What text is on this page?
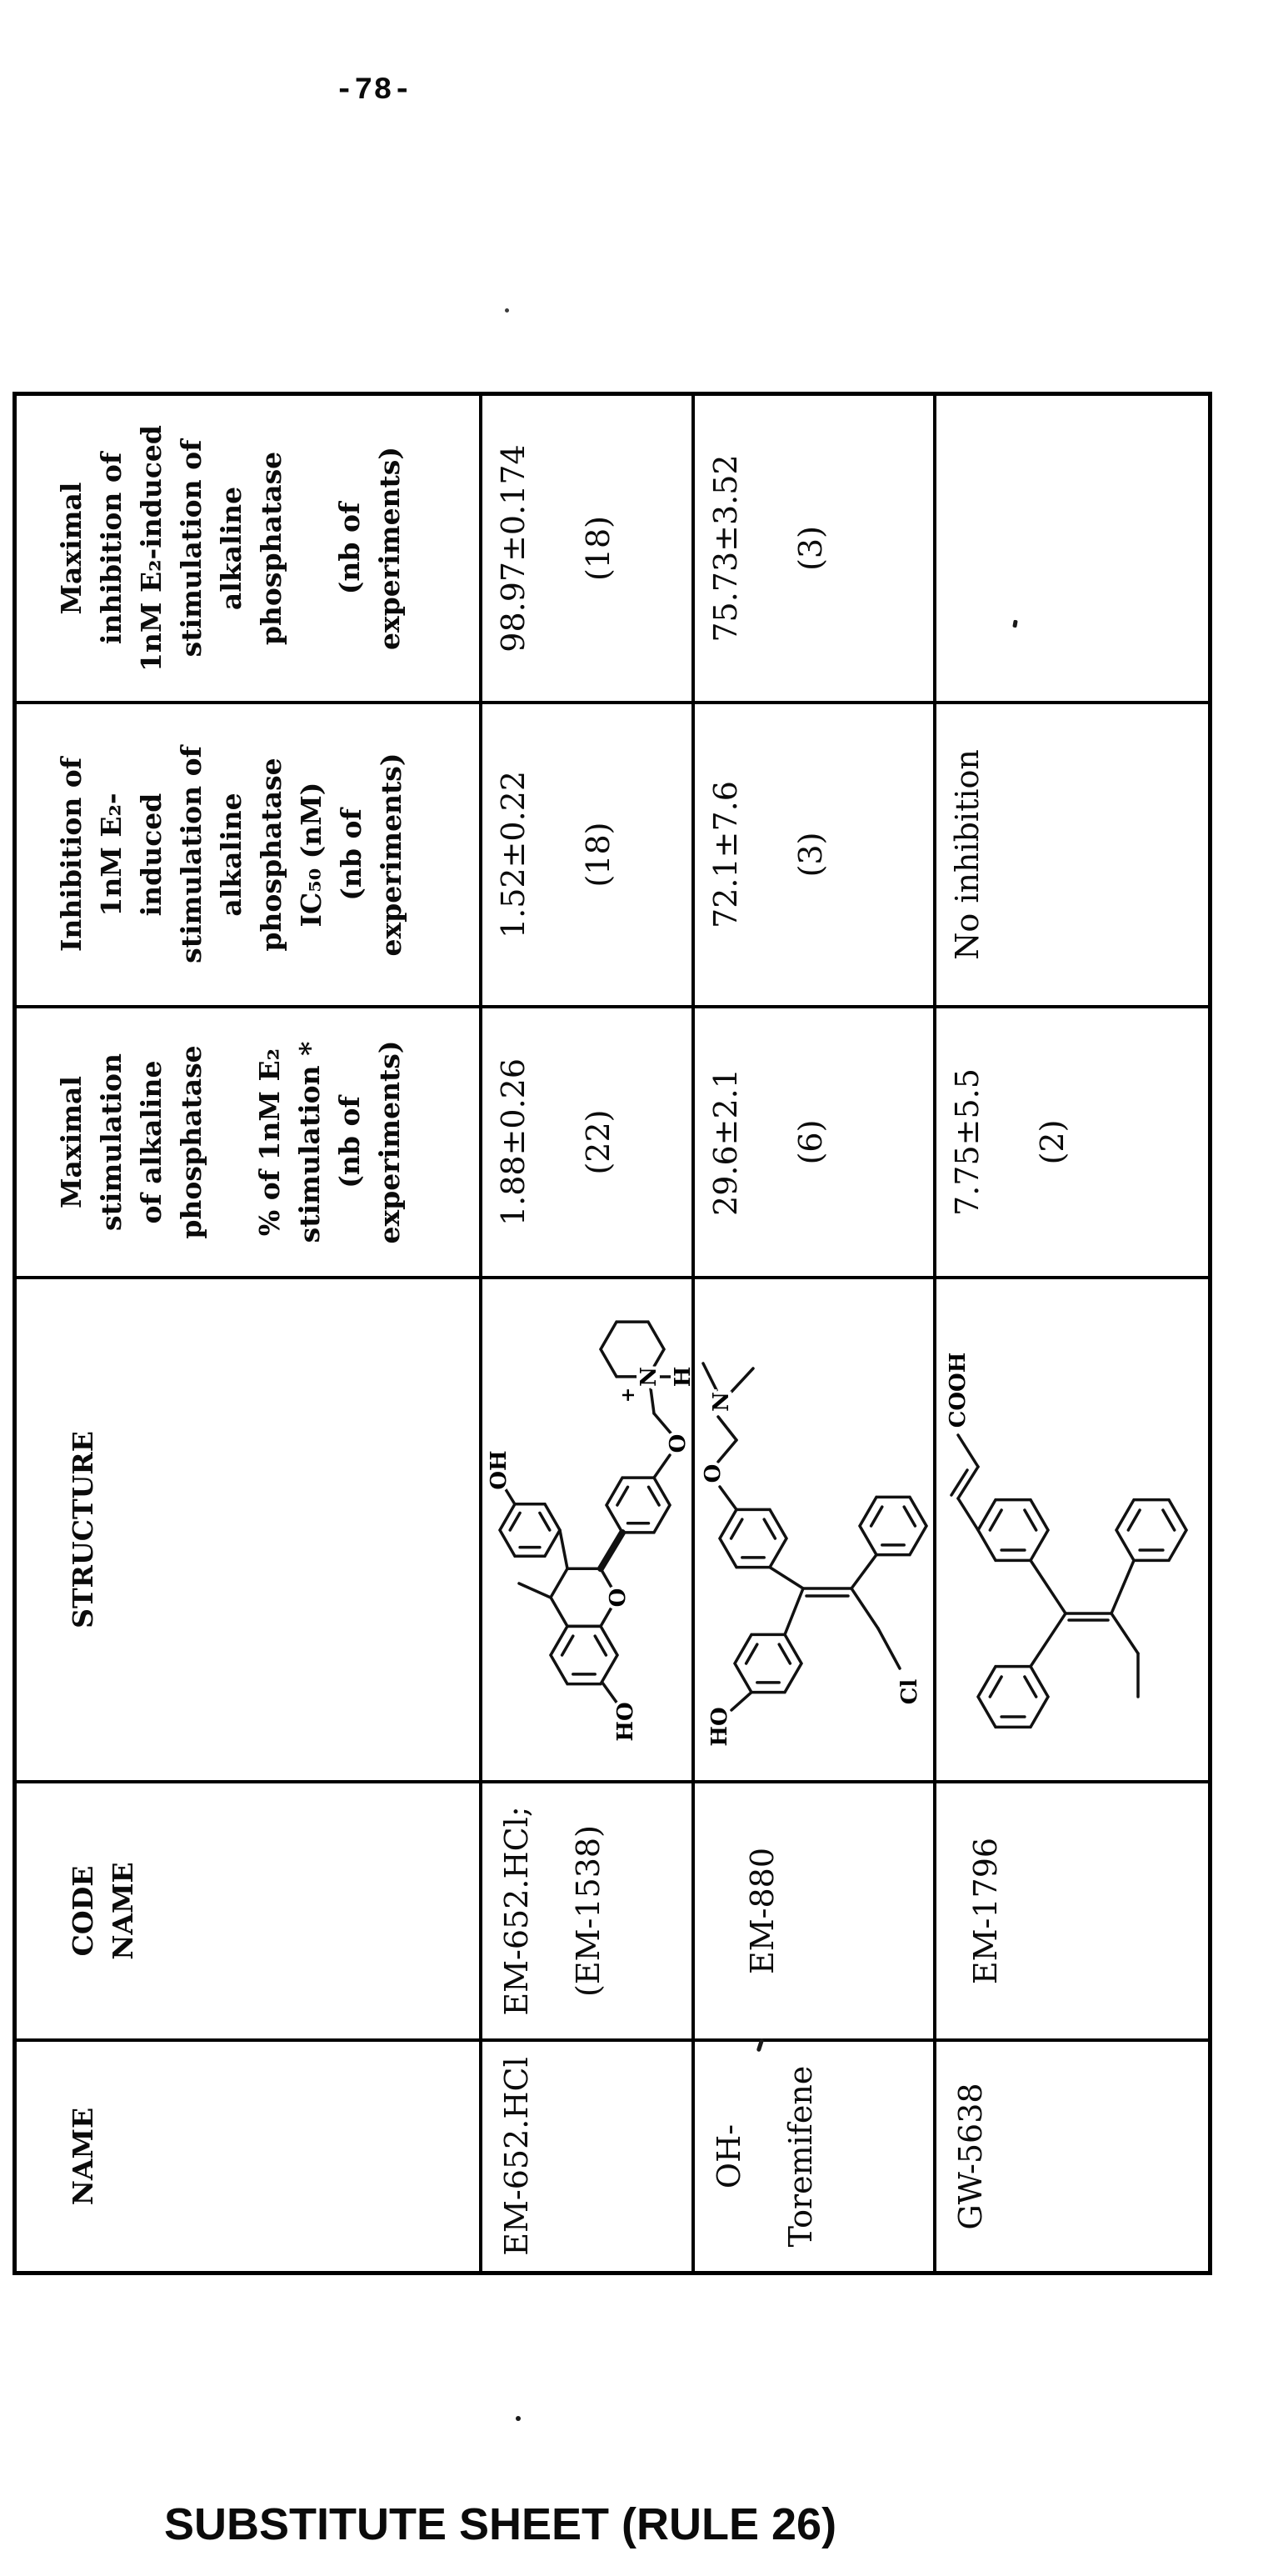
-78-
NAME
CODE NAME
STRUCTURE
Maximal stimulation of alkaline phosphatase % of 1nM E₂ stimulation * (nb of experiments)
Inhibition of 1nM E₂- induced stimulation of alkaline phosphatase IC₅₀ (nM) (nb of experiments)
Maximal inhibition of 1nM E₂-induced stimulation of alkaline phosphatase (nb of experiments)
EM-652.HCl
EM-652.HCl; (EM-1538)
HO
OH
O
O
N
+
H
1.88±0.26 (22)
1.52±0.22 (18)
98.97±0.174 (18)
OH- Toremifene
EM-880
HO
O
N
Cl
29.6±2.1 (6)
72.1±7.6 (3)
75.73±3.52 (3)
GW-5638
EM-1796
COOH
7.75±5.5 (2)
No inhibition
SUBSTITUTE SHEET (RULE 26)
